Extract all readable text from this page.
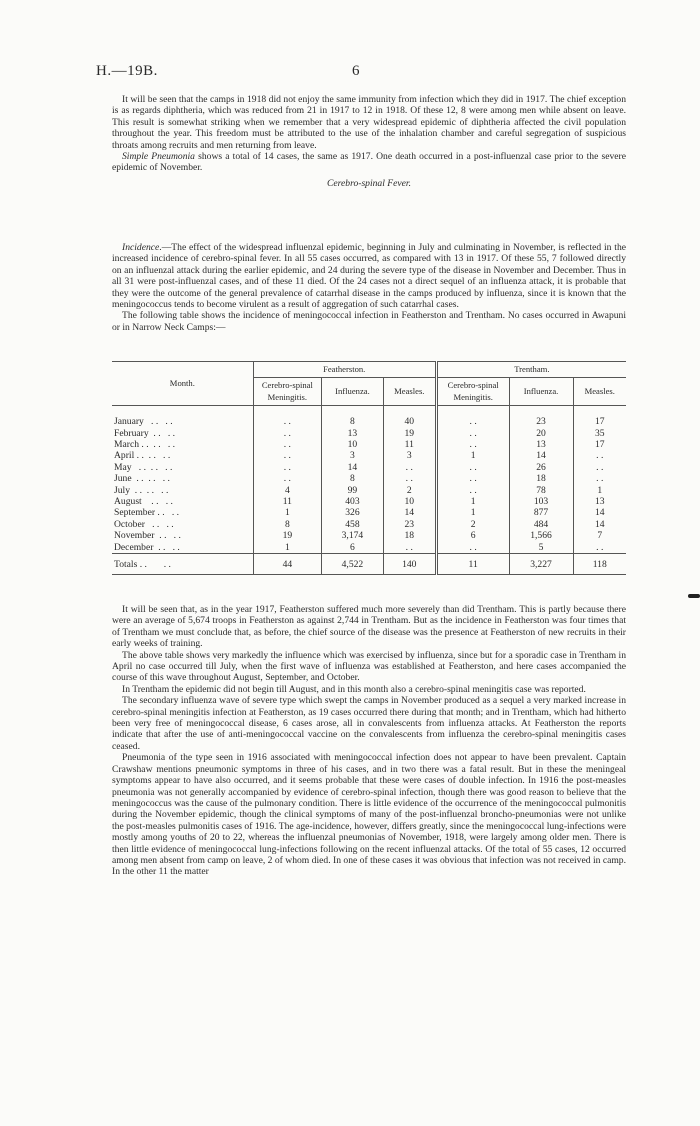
H.—19B.	6

It will be seen that the camps in 1918 did not enjoy the same immunity from infection which they did in 1917. The chief exception is as regards diphtheria, which was reduced from 21 in 1917 to 12 in 1918. Of these 12, 8 were among men while absent on leave. This result is somewhat striking when we remember that a very widespread epidemic of diphtheria affected the civil population throughout the year. This freedom must be attributed to the use of the inhalation chamber and careful segregation of suspicious throats among recruits and men returning from leave.

Simple Pneumonia shows a total of 14 cases, the same as 1917. One death occurred in a post-influenzal case prior to the severe epidemic of November.

Cerebro-spinal Fever.

Incidence.—The effect of the widespread influenzal epidemic, beginning in July and culminating in November, is reflected in the increased incidence of cerebro-spinal fever. In all 55 cases occurred, as compared with 13 in 1917. Of these 55, 7 followed directly on an influenzal attack during the earlier epidemic, and 24 during the severe type of the disease in November and December. Thus in all 31 were post-influenzal cases, and of these 11 died. Of the 24 cases not a direct sequel of an influenza attack, it is probable that they were the outcome of the general prevalence of catarrhal disease in the camps produced by influenza, since it is known that the meningococcus tends to become virulent as a result of aggregation of such catarrhal cases.

The following table shows the incidence of meningococcal infection in Featherston and Trentham. No cases occurred in Awapuni or in Narrow Neck Camps:—

Month.	Featherston.			Trentham.		
	Cerebro-spinal Meningitis.	Influenza.	Measles.	Cerebro-spinal Meningitis.	Influenza.	Measles.

January   . .   . .	. .	8	40	. .	23	17
February  . .   . .	. .	13	19	. .	20	35
March . .  . .   . .	. .	10	11	. .	13	17
April . .  . .   . .	. .	3	3	1	14	. .
May   . .  . .   . .	. .	14	. .	. .	26	. .
June  . .  . .   . .	. .	8	. .	. .	18	. .
July  . .  . .   . .	4	99	2	. .	78	1
August    . .   . .	11	403	10	1	103	13
September . .   . .	1	326	14	1	877	14
October   . .   . .	8	458	23	2	484	14
November  . .   . .	19	3,174	18	6	1,566	7
December  . .   . .	1	6	. .	. .	5	. .
Totals . .       . .	44	4,522	140	11	3,227	118

It will be seen that, as in the year 1917, Featherston suffered much more severely than did Trentham. This is partly because there were an average of 5,674 troops in Featherston as against 2,744 in Trentham. But as the incidence in Featherston was four times that of Trentham we must conclude that, as before, the chief source of the disease was the presence at Featherston of new recruits in their early weeks of training.

The above table shows very markedly the influence which was exercised by influenza, since but for a sporadic case in Trentham in April no case occurred till July, when the first wave of influenza was established at Featherston, and here cases accompanied the course of this wave throughout August, September, and October.

In Trentham the epidemic did not begin till August, and in this month also a cerebro-spinal meningitis case was reported.

The secondary influenza wave of severe type which swept the camps in November produced as a sequel a very marked increase in cerebro-spinal meningitis infection at Featherston, as 19 cases occurred there during that month; and in Trentham, which had hitherto been very free of meningococcal disease, 6 cases arose, all in convalescents from influenza attacks. At Featherston the reports indicate that after the use of anti-meningococcal vaccine on the convalescents from influenza the cerebro-spinal meningitis cases ceased.

Pneumonia of the type seen in 1916 associated with meningococcal infection does not appear to have been prevalent. Captain Crawshaw mentions pneumonic symptoms in three of his cases, and in two there was a fatal result. But in these the meningeal symptoms appear to have also occurred, and it seems probable that these were cases of double infection. In 1916 the post-measles pneumonia was not generally accompanied by evidence of cerebro-spinal infection, though there was good reason to believe that the meningococcus was the cause of the pulmonary condition. There is little evidence of the occurrence of the meningococcal pulmonitis during the November epidemic, though the clinical symptoms of many of the post-influenzal broncho-pneumonias were not unlike the post-measles pulmonitis cases of 1916. The age-incidence, however, differs greatly, since the meningococcal lung-infections were mostly among youths of 20 to 22, whereas the influenzal pneumonias of November, 1918, were largely among older men. There is then little evidence of meningococcal lung-infections following on the recent influenzal attacks. Of the total of 55 cases, 12 occurred among men absent from camp on leave, 2 of whom died. In one of these cases it was obvious that infection was not received in camp. In the other 11 the matter
